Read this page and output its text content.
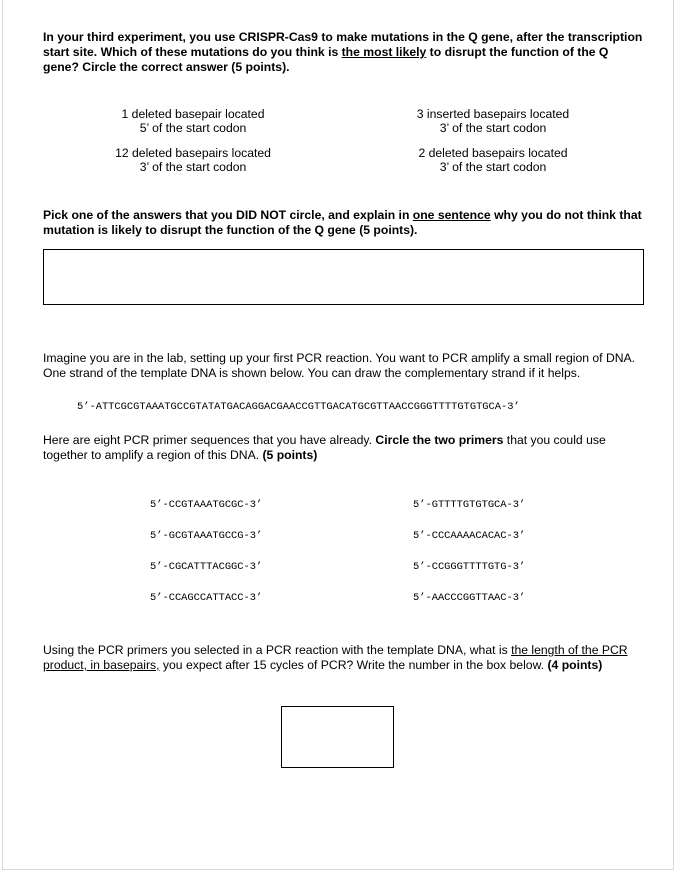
In your third experiment, you use CRISPR-Cas9 to make mutations in the Q gene, after the transcription start site. Which of these mutations do you think is the most likely to disrupt the function of the Q gene? Circle the correct answer (5 points).
1 deleted basepair located
5’ of the start codon
3 inserted basepairs located
3’ of the start codon
12 deleted basepairs located
3’ of the start codon
2 deleted basepairs located
3’ of the start codon
Pick one of the answers that you DID NOT circle, and explain in one sentence why you do not think that mutation is likely to disrupt the function of the Q gene (5 points).
Imagine you are in the lab, setting up your first PCR reaction. You want to PCR amplify a small region of DNA. One strand of the template DNA is shown below. You can draw the complementary strand if it helps.
5’-ATTCGCGTAAATGCCGTATATGACAGGACGAACCGTTGACATGCGTTAACCGGGTTTTGTGTGCA-3’
Here are eight PCR primer sequences that you have already. Circle the two primers that you could use together to amplify a region of this DNA. (5 points)
5’-CCGTAAATGCGC-3’
5’-GCGTAAATGCCG-3’
5’-CGCATTTACGGC-3’
5’-CCAGCCATTACC-3’
5’-GTTTTGTGTGCA-3’
5’-CCCAAAACACAC-3’
5’-CCGGGTTTTGTG-3’
5’-AACCCGGTTAAC-3’
Using the PCR primers you selected in a PCR reaction with the template DNA, what is the length of the PCR product, in basepairs, you expect after 15 cycles of PCR? Write the number in the box below. (4 points)
